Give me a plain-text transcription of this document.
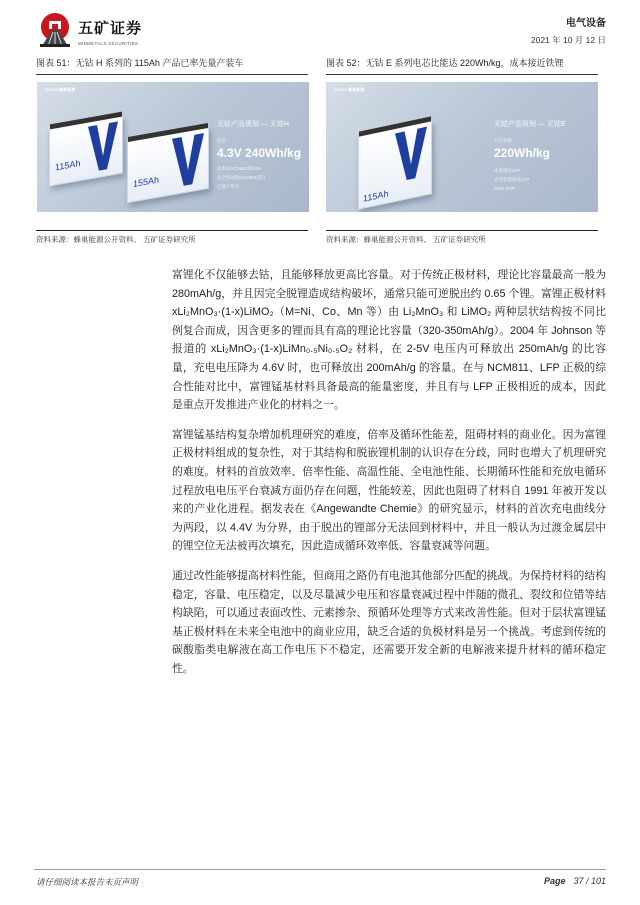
五矿证券
MINMETALS SECURITIES
电气设备
2021 年 10 月 12 日
图表 51：无钴 H 系列的 115Ah 产品已率先量产装车
SVOLT 蜂巢能源
115Ah
155Ah
无钴产品规划 — 无钴H
电芯
4.3V 240Wh/kg
成本较NCM811降10%
安全性能较NCM811提升
已量产装车
资料来源：蜂巢能源公开资料、 五矿证券研究所
图表 52：无钴 E 系列电芯比能达 220Wh/kg，成本接近铁锂
SVOLT 蜂巢能源
115Ah
无钴产品规划 — 无钴E
目前突破
220Wh/kg
成本接近LFP
安全性能接近LFP
2023 SOP
资料来源：蜂巢能源公开资料、 五矿证券研究所

富锂化不仅能够去钴，且能够释放更高比容量。对于传统正极材料，理论比容量最高一般为 280mAh/g，并且因完全脱锂造成结构破坏，通常只能可逆脱出约 0.65 个锂。富锂正极材料 xLi₂MnO₃·(1-x)LiMO₂（M=Ni、Co、Mn 等）由 Li₂MnO₃ 和 LiMO₂ 两种层状结构按不同比例复合而成，因含更多的锂而具有高的理论比容量（320-350mAh/g）。2004 年 Johnson 等报道的 xLi₂MnO₃·(1-x)LiMn₀.₅Ni₀.₅O₂ 材料，在 2-5V 电压内可释放出 250mAh/g 的比容量，充电电压降为 4.6V 时，也可释放出 200mAh/g 的容量。在与 NCM811、LFP 正极的综合性能对比中，富锂锰基材料具备最高的能量密度，并且有与 LFP 正极相近的成本，因此是重点开发推进产业化的材料之一。

富锂锰基结构复杂增加机理研究的难度，倍率及循环性能差，阻碍材料的商业化。因为富锂正极材料组成的复杂性，对于其结构和脱嵌锂机制的认识存在分歧，同时也增大了机理研究的难度。材料的首放效率、倍率性能、高温性能、全电池性能、长期循环性能和充放电循环过程放电电压平台衰减方面仍存在问题，性能较差，因此也阻碍了材料自 1991 年被开发以来的产业化进程。据发表在《Angewandte Chemie》的研究显示，材料的首次充电曲线分为两段，以 4.4V 为分界，由于脱出的锂部分无法回到材料中，并且一般认为过渡金属层中的锂空位无法被再次填充，因此造成循环效率低、容量衰减等问题。

通过改性能够提高材料性能，但商用之路仍有电池其他部分匹配的挑战。为保持材料的结构稳定，容量、电压稳定，以及尽量减少电压和容量衰减过程中伴随的微孔、裂纹和位错等结构缺陷，可以通过表面改性、元素掺杂、预循环处理等方式来改善性能。但对于层状富锂锰基正极材料在未来全电池中的商业应用，缺乏合适的负极材料是另一个挑战。考虑到传统的碳酸脂类电解液在高工作电压下不稳定，还需要开发全新的电解液来提升材料的循环稳定性。

请仔细阅读本报告末页声明	Page 37 / 101
